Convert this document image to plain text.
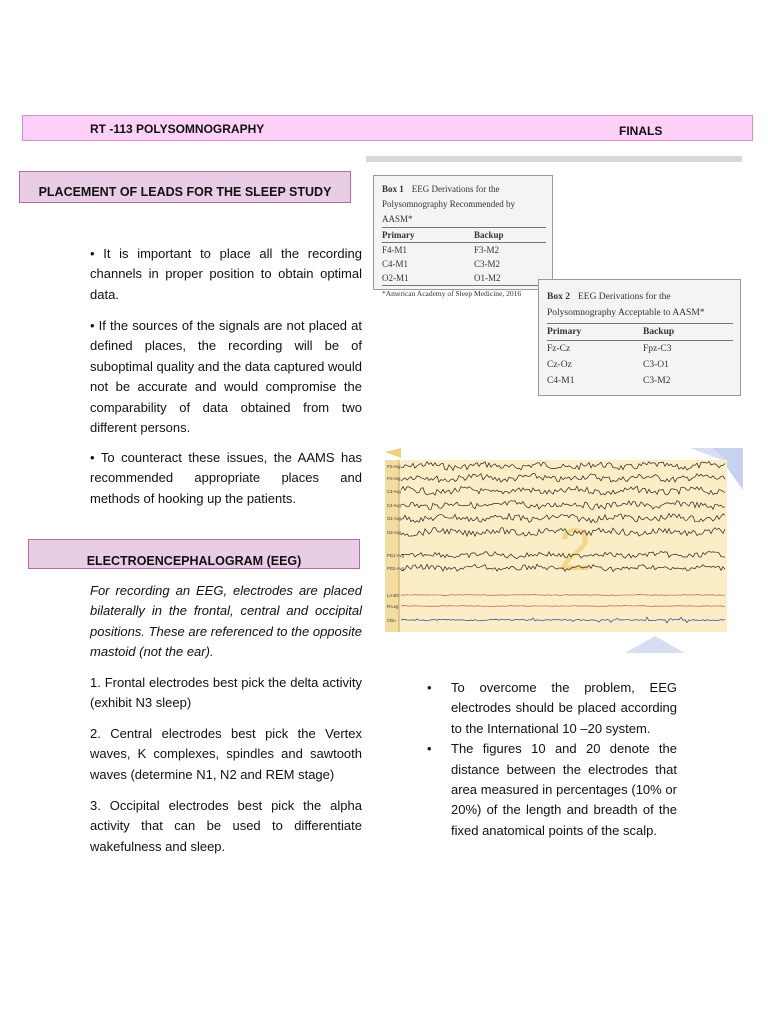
RT -113 POLYSOMNOGRAPHY	FINALS
PLACEMENT OF LEADS FOR THE SLEEP STUDY

• It is important to place all the recording channels in proper position to obtain optimal data.

• If the sources of the signals are not placed at defined places, the recording will be of suboptimal quality and the data captured would not be accurate and would compromise the comparability of data obtained from two different persons.

• To counteract these issues, the AAMS has recommended appropriate places and methods of hooking up the patients.

ELECTROENCEPHALOGRAM (EEG)

For recording an EEG, electrodes are placed bilaterally in the frontal, central and occipital positions. These are referenced to the opposite mastoid (not the ear).

1. Frontal electrodes best pick the delta activity (exhibit N3 sleep)

2. Central electrodes best pick the Vertex waves, K complexes, spindles and sawtooth waves (determine N1, N2 and REM stage)

3. Occipital electrodes best pick the alpha activity that can be used to differentiate wakefulness and sleep.

Box 1 EEG Derivations for the
Polysomnography Recommended by AASM*
Primary	Backup
F4-M1	F3-M2
C4-M1	C3-M2
O2-M1	O1-M2
*American Academy of Sleep Medicine, 2016	Box 2 EEG Derivations for the
Polysomnography Acceptable to AASM*
Primary	Backup
Fz-Cz	Fpz-C3
Cz-Oz	C3-O1
C4-M1	C3-M2
2
F3-Avg
F4-Avg
C3-Avg
C4-Avg
O1-Avg
O2-Avg
PG1-Avg
PG2-Avg
LA-EO
R-Leg
Chin
• To overcome the problem, EEG electrodes should be placed according to the International 10 –20 system.
• The figures 10 and 20 denote the distance between the electrodes that area measured in percentages (10% or 20%) of the length and breadth of the fixed anatomical points of the scalp.
